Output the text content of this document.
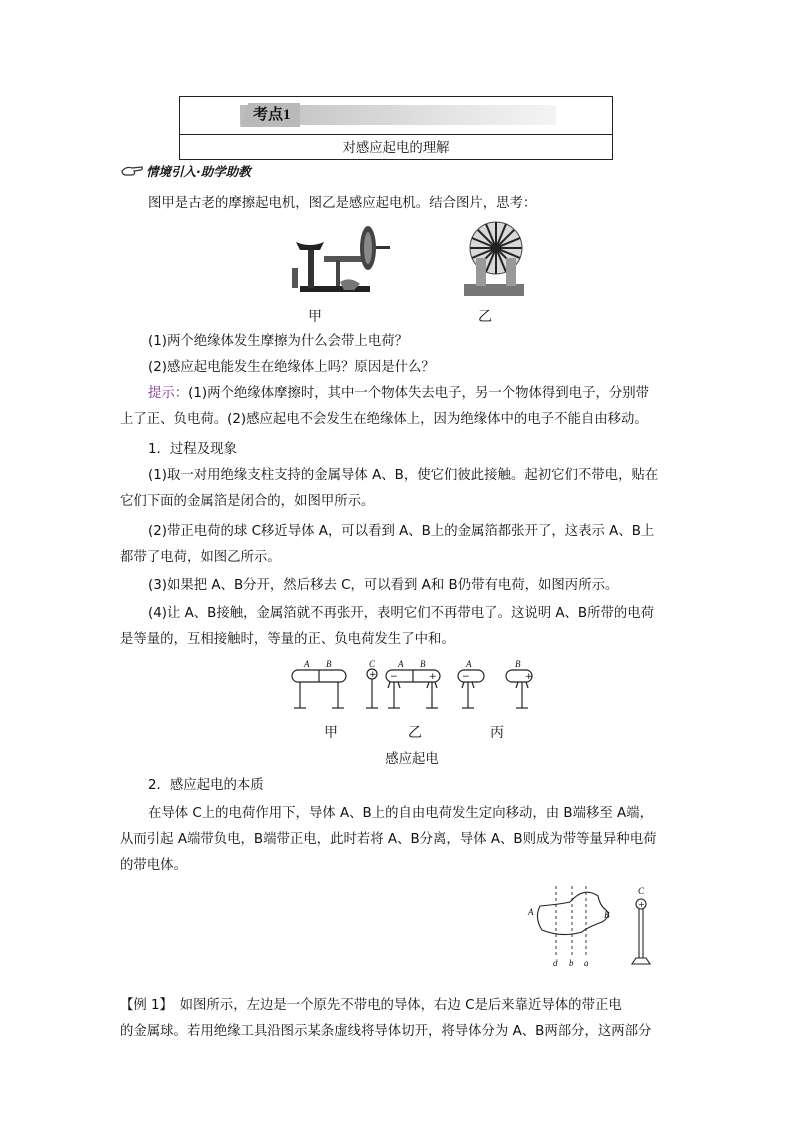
考点1
对感应起电的理解
情境引入·助学助教
图甲是古老的摩擦起电机，图乙是感应起电机。结合图片，思考：
甲	乙
(1)两个绝缘体发生摩擦为什么会带上电荷？
(2)感应起电能发生在绝缘体上吗？原因是什么？
提示：(1)两个绝缘体摩擦时，其中一个物体失去电子，另一个物体得到电子，分别带
上了正、负电荷。(2)感应起电不会发生在绝缘体上，因为绝缘体中的电子不能自由移动。
1．过程及现象
(1)取一对用绝缘支柱支持的金属导体 A、B，使它们彼此接触。起初它们不带电，贴在
它们下面的金属箔是闭合的，如图甲所示。
(2)带正电荷的球 C移近导体 A，可以看到 A、B上的金属箔都张开了，这表示 A、B上
都带了电荷，如图乙所示。
(3)如果把 A、B分开，然后移去 C，可以看到 A和 B仍带有电荷，如图丙所示。
(4)让 A、B接触，金属箔就不再张开，表明它们不再带电了。这说明 A、B所带的电荷
是等量的，互相接触时，等量的正、负电荷发生了中和。
A B	C	A B	A	B
+ −	+	−	+
甲	乙	丙
感应起电
2．感应起电的本质
在导体 C上的电荷作用下，导体 A、B上的自由电荷发生定向移动，由 B端移至 A端，
从而引起 A端带负电，B端带正电，此时若将 A、B分离，导体 A、B则成为带等量异种电荷
的带电体。
A	B
C
d b a
+
【例 1】　如图所示，左边是一个原先不带电的导体，右边 C是后来靠近导体的带正电
的金属球。若用绝缘工具沿图示某条虚线将导体切开，将导体分为 A、B两部分，这两部分
